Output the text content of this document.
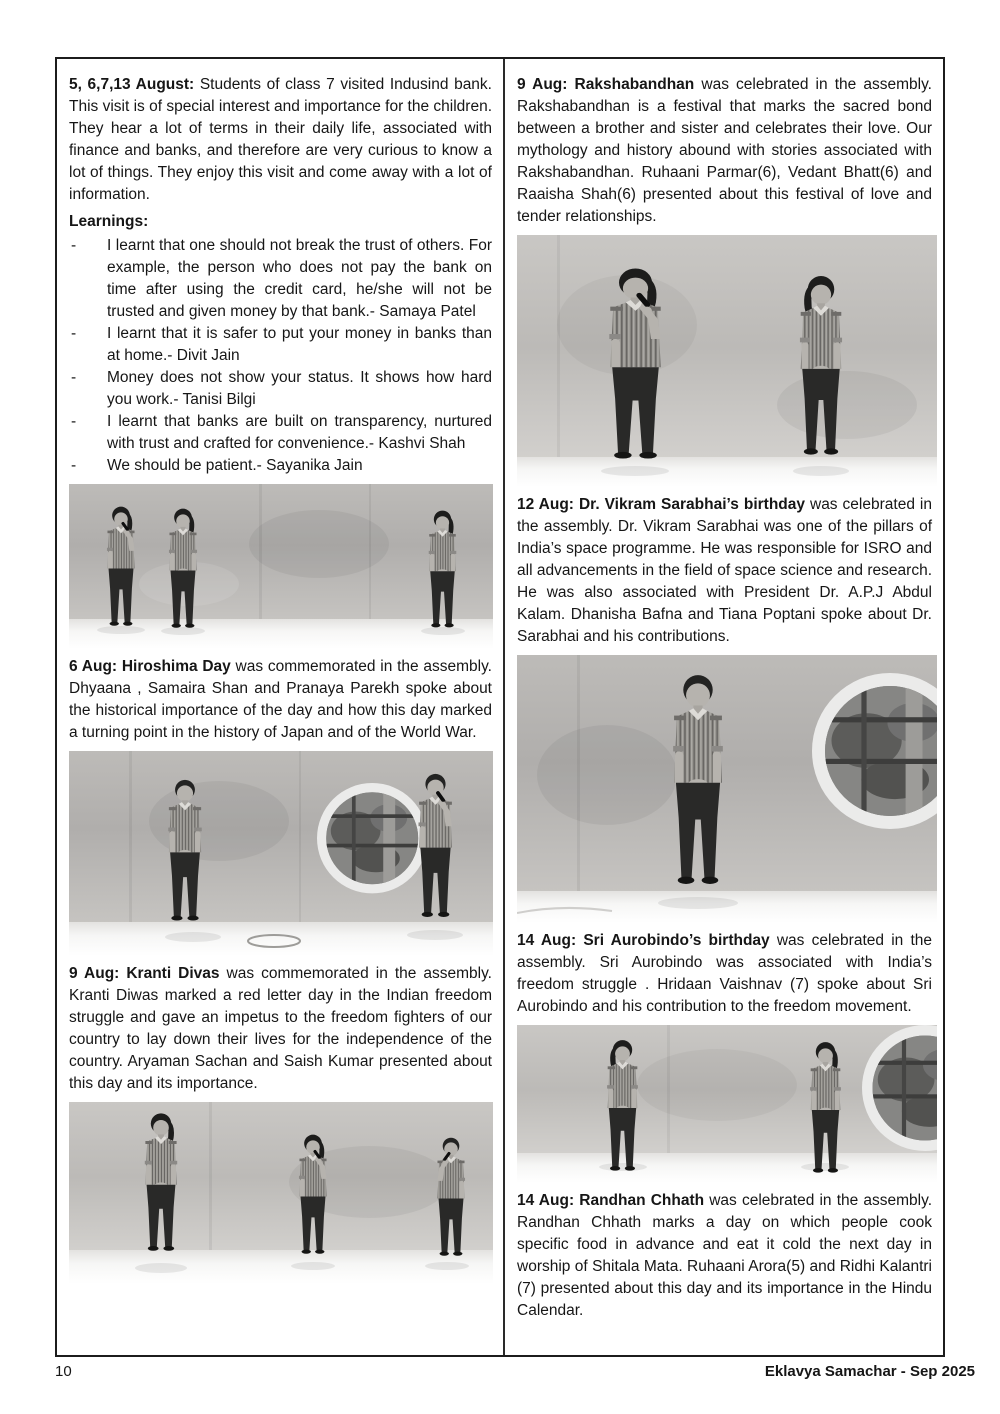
5, 6,7,13 August: Students of class 7 visited Indusind bank. This visit is of special interest and importance for the children. They hear a lot of terms in their daily life, associated with finance and banks, and therefore are very curious to know a lot of things. They enjoy this visit and come away with a lot of information.

Learnings:

-	I learnt that one should not break the trust of others. For example, the person who does not pay the bank on time after using the credit card, he/she will not be trusted and given money by that bank.- Samaya Patel
-	I learnt that it is safer to put your money in banks than at home.- Divit Jain
-	Money does not show your status. It shows how hard you work.- Tanisi Bilgi
-	I learnt that banks are built on transparency, nurtured with trust and crafted for convenience.- Kashvi Shah
-	We should be patient.- Sayanika Jain

6 Aug: Hiroshima Day was commemorated in the assembly. Dhyaana , Samaira Shan and Pranaya Parekh spoke about the historical importance of the day and how this day marked a turning point in the history of Japan and of the World War.

9 Aug: Kranti Divas was commemorated in the assembly. Kranti Diwas marked a red letter day in the Indian freedom struggle and gave an impetus to the freedom fighters of our country to lay down their lives for the independence of the country. Aryaman Sachan and Saish Kumar presented about this day and its importance.

9 Aug: Rakshabandhan was celebrated in the assembly. Rakshabandhan is a festival that marks the sacred bond between a brother and sister and celebrates their love. Our mythology and history abound with stories associated with Rakshabandhan. Ruhaani Parmar(6), Vedant Bhatt(6) and Raaisha Shah(6) presented about this festival of love and tender relationships.

12 Aug: Dr. Vikram Sarabhai’s birthday was celebrated in the assembly. Dr. Vikram Sarabhai was one of the pillars of India’s space programme. He was responsible for ISRO and all advancements in the field of space science and research. He was also associated with President Dr. A.P.J Abdul Kalam. Dhanisha Bafna and Tiana Poptani spoke about Dr. Sarabhai and his contributions.

14 Aug: Sri Aurobindo’s birthday was celebrated in the assembly. Sri Aurobindo was associated with India’s freedom struggle . Hridaan Vaishnav (7) spoke about Sri Aurobindo and his contribution to the freedom movement.

14 Aug: Randhan Chhath was celebrated in the assembly. Randhan Chhath marks a day on which people cook specific food in advance and eat it cold the next day in worship of Shitala Mata. Ruhaani Arora(5) and Ridhi Kalantri (7) presented about this day and its importance in the Hindu Calendar.

10	Eklavya Samachar - Sep 2025
